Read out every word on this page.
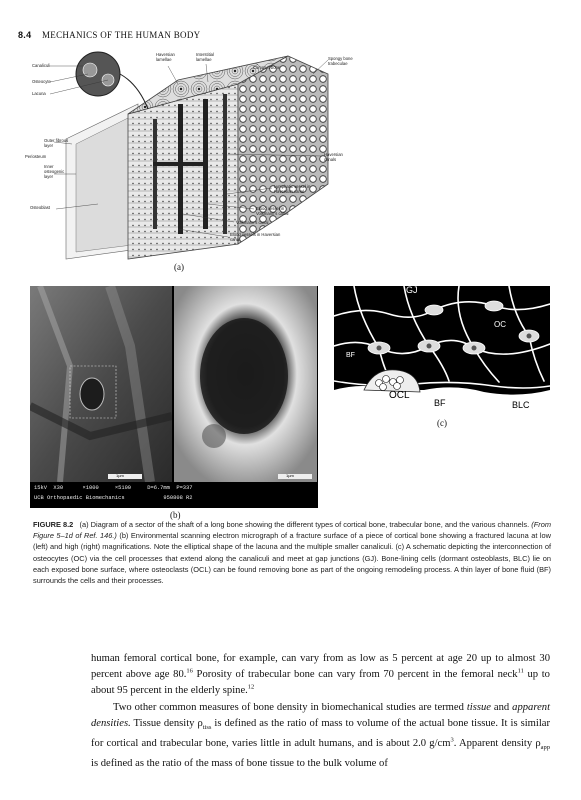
8.4 MECHANICS OF THE HUMAN BODY
Canaliculi
Osteocyte
Lacuna
Haversian lamellae
Interstitial lamellae
Compact bone
Spongy bone trabeculae
Outer fibrous layer
Inner osteogenic layer
Periosteum	Haversian canals
Osteoblast
Lymphatic vessel in Haversian canal
Blood vessel in Volkmann's canal
Volkmann's canal
Blood vessels in Haversian canal
(a)
1µm	1µm
15kV  X30      ×1000     ×5100     D=6.7mm  P=337
UCB Orthopaedic Biomechanics            950808 R2
(b)
GJ
OC
BF
OCL
BF	BLC
(c)
FIGURE 8.2 (a) Diagram of a sector of the shaft of a long bone showing the different types of cortical bone, trabecular bone, and the various channels. (From Figure 5–1d of Ref. 146.) (b) Environmental scanning electron micrograph of a fracture surface of a piece of cortical bone showing a fractured lacuna at low (left) and high (right) magnifications. Note the elliptical shape of the lacuna and the multiple smaller canaliculi. (c) A schematic depicting the interconnection of osteocytes (OC) via the cell processes that extend along the canaliculi and meet at gap junctions (GJ). Bone-lining cells (dormant osteoblasts, BLC) lie on each exposed bone surface, where osteoclasts (OCL) can be found removing bone as part of the ongoing remodeling process. A thin layer of bone fluid (BF) surrounds the cells and their processes.

human femoral cortical bone, for example, can vary from as low as 5 percent at age 20 up to almost 30 percent above age 80.16 Porosity of trabecular bone can vary from 70 percent in the femoral neck$^{11}$ up to about 95 percent in the elderly spine.$^{12}$

Two other common measures of bone density in biomechanical studies are termed tissue and apparent densities. Tissue density $\rho_{tiss}$ is defined as the ratio of mass to volume of the actual bone tissue. It is similar for cortical and trabecular bone, varies little in adult humans, and is about 2.0 $g/cm^3$. Apparent density $\rho_{app}$ is defined as the ratio of the mass of bone tissue to the bulk volume of
